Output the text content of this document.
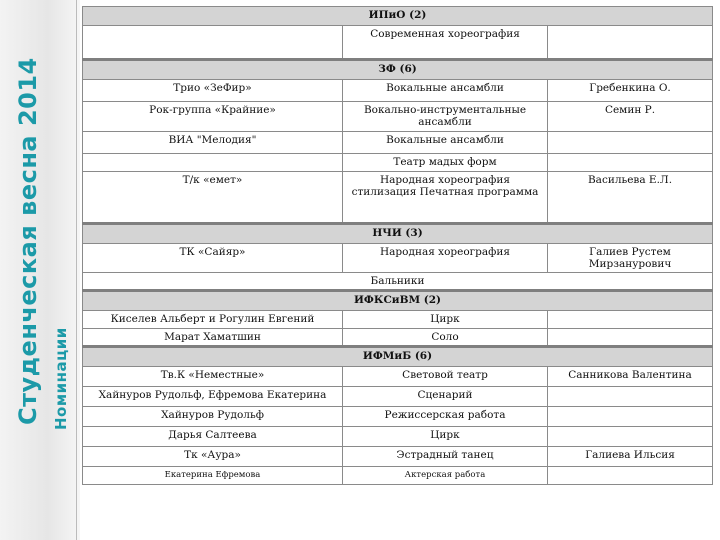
Студенческая весна 2014 Номинации
ИПиО (2)		
	Современная хореография	
ЗФ (6)		
Трио «ЗеФир»	Вокальные ансамбли	Гребенкина О.
Рок-группа «Крайние»	Вокально-инструментальные ансамбли	Семин Р.
ВИА "Мелодия"	Вокальные ансамбли	
	Театр мадых форм	
Т/к «емет»	Народная хореография стилизация Печатная программа	Васильева Е.Л.
НЧИ (3)		
ТК «Сайяр»	Народная хореография	Галиев Рустем Мирзанурович
Бальники		
ИФКСиВМ (2)		
Киселев Альберт и Рогулин Евгений	Цирк	
Марат Хаматшин	Соло	
ИФМиБ (6)		
Тв.К «Неместные»	Световой театр	Санникова Валентина
Хайнуров Рудольф, Ефремова Екатерина	Сценарий	
Хайнуров Рудольф	Режиссерская работа	
Дарья Салтеева	Цирк	
Тк «Аура»	Эстрадный танец	Галиева Ильсия
Екатерина Ефремова	Актерская работа	
